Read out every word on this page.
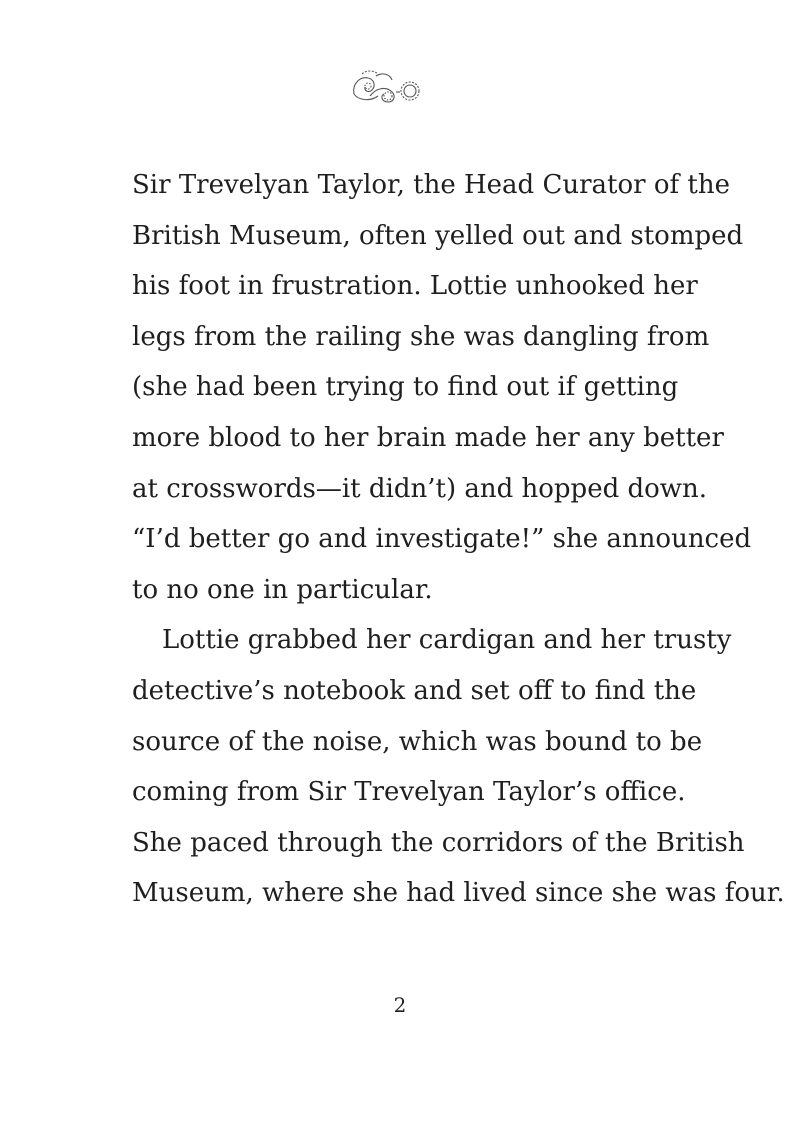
Sir Trevelyan Taylor, the Head Curator of the
British Museum, often yelled out and stomped
his foot in frustration. Lottie unhooked her
legs from the railing she was dangling from
(she had been trying to find out if getting
more blood to her brain made her any better
at crosswords—it didn’t) and hopped down.
“I’d better go and investigate!” she announced
to no one in particular.
Lottie grabbed her cardigan and her trusty
detective’s notebook and set off to find the
source of the noise, which was bound to be
coming from Sir Trevelyan Taylor’s office.
She paced through the corridors of the British
Museum, where she had lived since she was four.
2
